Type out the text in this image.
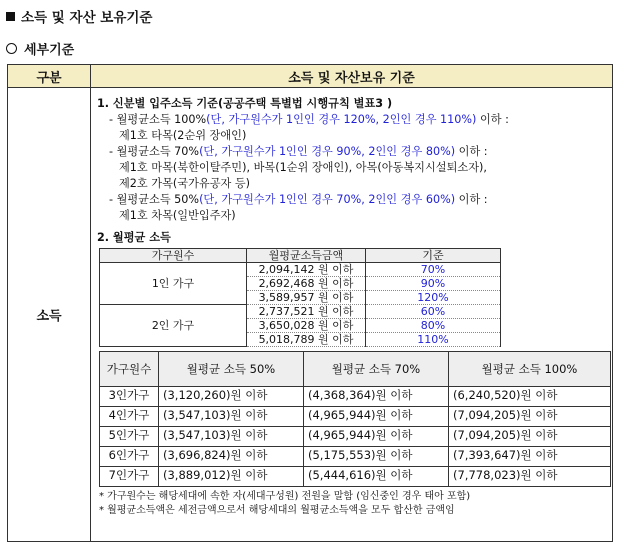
소득 및 자산 보유기준
세부기준
구분	소득 및 자산보유 기준
소득	
1. 신분별 입주소득 기준(공공주택 특별법 시행규칙 별표3 )
- 월평균소득 100%(단, 가구원수가 1인인 경우 120%, 2인인 경우 110%) 이하 :
제1호 타목(2순위 장애인)
- 월평균소득 70%(단, 가구원수가 1인인 경우 90%, 2인인 경우 80%) 이하 :
제1호 마목(북한이탈주민), 바목(1순위 장애인), 아목(아동복지시설퇴소자),
제2호 가목(국가유공자 등)
- 월평균소득 50%(단, 가구원수가 1인인 경우 70%, 2인인 경우 60%) 이하 :
제1호 차목(일반입주자)
2. 월평균 소득
가구원수	월평균소득금액	기준
1인 가구	2,094,142 원 이하	70%
2,692,468 원 이하	90%
3,589,957 원 이하	120%
2인 가구	2,737,521 원 이하	60%
3,650,028 원 이하	80%
5,018,789 원 이하	110%
가구원수	월평균 소득 50%	월평균 소득 70%	월평균 소득 100%
3인가구	(3,120,260)원 이하	(4,368,364)원 이하	(6,240,520)원 이하
4인가구	(3,547,103)원 이하	(4,965,944)원 이하	(7,094,205)원 이하
5인가구	(3,547,103)원 이하	(4,965,944)원 이하	(7,094,205)원 이하
6인가구	(3,696,824)원 이하	(5,175,553)원 이하	(7,393,647)원 이하
7인가구	(3,889,012)원 이하	(5,444,616)원 이하	(7,778,023)원 이하
* 가구원수는 해당세대에 속한 자(세대구성원) 전원을 말함 (임신중인 경우 태아 포함)
* 월평균소득액은 세전금액으로서 해당세대의 월평균소득액을 모두 합산한 금액임
